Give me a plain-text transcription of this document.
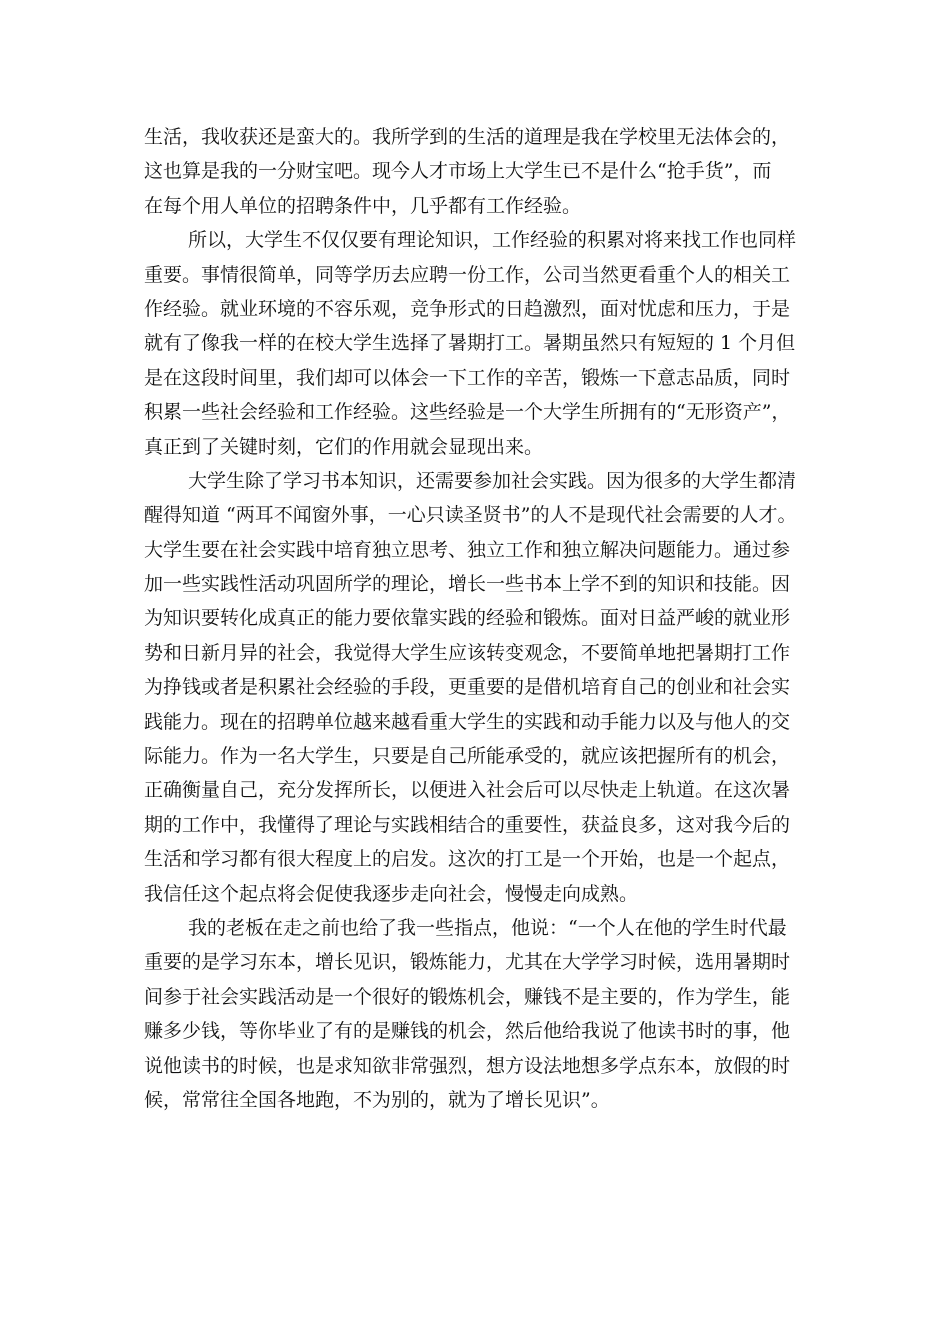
生活，我收获还是蛮大的。我所学到的生活的道理是我在学校里无法体会的，
这也算是我的一分财宝吧。现今人才市场上大学生已不是什么“抢手货”，而
在每个用人单位的招聘条件中，几乎都有工作经验。
所以，大学生不仅仅要有理论知识，工作经验的积累对将来找工作也同样
重要。事情很简单，同等学历去应聘一份工作，公司当然更看重个人的相关工
作经验。就业环境的不容乐观，竞争形式的日趋激烈，面对忧虑和压力，于是
就有了像我一样的在校大学生选择了暑期打工。暑期虽然只有短短的 1 个月但
是在这段时间里，我们却可以体会一下工作的辛苦，锻炼一下意志品质，同时
积累一些社会经验和工作经验。这些经验是一个大学生所拥有的“无形资产”，
真正到了关键时刻，它们的作用就会显现出来。
大学生除了学习书本知识，还需要参加社会实践。因为很多的大学生都清
醒得知道 “两耳不闻窗外事，一心只读圣贤书”的人不是现代社会需要的人才。
大学生要在社会实践中培育独立思考、独立工作和独立解决问题能力。通过参
加一些实践性活动巩固所学的理论，增长一些书本上学不到的知识和技能。因
为知识要转化成真正的能力要依靠实践的经验和锻炼。面对日益严峻的就业形
势和日新月异的社会，我觉得大学生应该转变观念，不要简单地把暑期打工作
为挣钱或者是积累社会经验的手段，更重要的是借机培育自己的创业和社会实
践能力。现在的招聘单位越来越看重大学生的实践和动手能力以及与他人的交
际能力。作为一名大学生，只要是自己所能承受的，就应该把握所有的机会，
正确衡量自己，充分发挥所长，以便进入社会后可以尽快走上轨道。在这次暑
期的工作中，我懂得了理论与实践相结合的重要性，获益良多，这对我今后的
生活和学习都有很大程度上的启发。这次的打工是一个开始，也是一个起点，
我信任这个起点将会促使我逐步走向社会，慢慢走向成熟。
我的老板在走之前也给了我一些指点，他说：“一个人在他的学生时代最
重要的是学习东本，增长见识，锻炼能力，尤其在大学学习时候，选用暑期时
间参于社会实践活动是一个很好的锻炼机会，赚钱不是主要的，作为学生，能
赚多少钱，等你毕业了有的是赚钱的机会，然后他给我说了他读书时的事，他
说他读书的时候，也是求知欲非常强烈，想方设法地想多学点东本，放假的时
候，常常往全国各地跑，不为别的，就为了增长见识”。
